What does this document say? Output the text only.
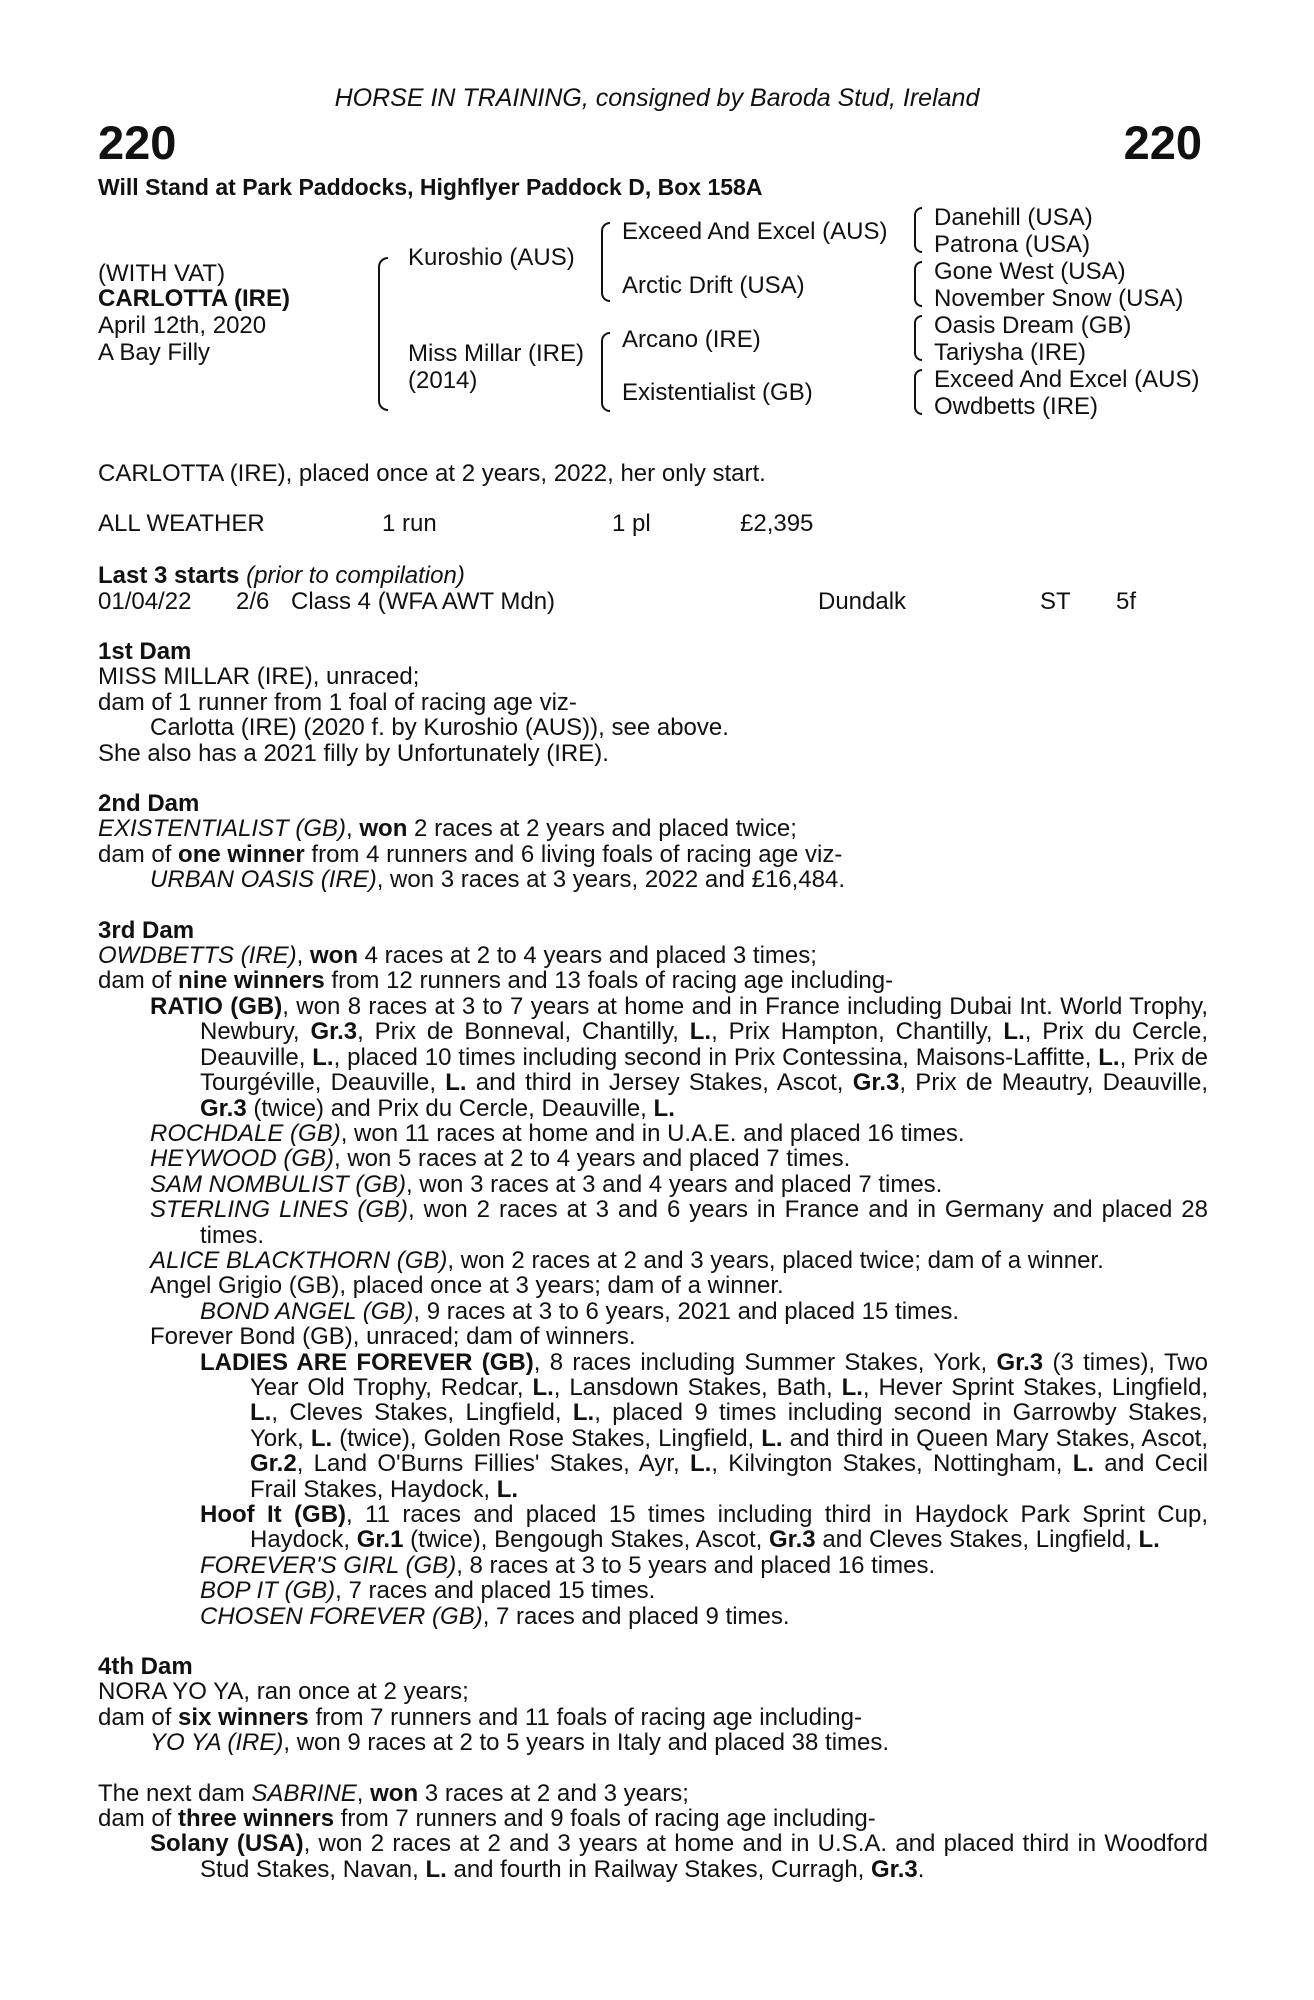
HORSE IN TRAINING, consigned by Baroda Stud, Ireland
220	220
Will Stand at Park Paddocks, Highflyer Paddock D, Box 158A
(WITH VAT)
CARLOTTA (IRE)
April 12th, 2020
A Bay Filly
Kuroshio (AUS)
Miss Millar (IRE)
(2014)
Exceed And Excel (AUS)
Arctic Drift (USA)
Arcano (IRE)
Existentialist (GB)
Danehill (USA)
Patrona (USA)
Gone West (USA)
November Snow (USA)
Oasis Dream (GB)
Tariysha (IRE)
Exceed And Excel (AUS)
Owdbetts (IRE)
CARLOTTA (IRE), placed once at 2 years, 2022, her only start.
ALL WEATHER	1 run	1 pl	£2,395
Last 3 starts (prior to compilation)
01/04/22 2/6 Class 4 (WFA AWT Mdn)	Dundalk	ST 5f

1st Dam

MISS MILLAR (IRE), unraced;

dam of 1 runner from 1 foal of racing age viz-

Carlotta (IRE) (2020 f. by Kuroshio (AUS)), see above.

She also has a 2021 filly by Unfortunately (IRE).

2nd Dam

EXISTENTIALIST (GB), won 2 races at 2 years and placed twice;

dam of one winner from 4 runners and 6 living foals of racing age viz-

URBAN OASIS (IRE), won 3 races at 3 years, 2022 and £16,484.

3rd Dam

OWDBETTS (IRE), won 4 races at 2 to 4 years and placed 3 times;

dam of nine winners from 12 runners and 13 foals of racing age including-

RATIO (GB), won 8 races at 3 to 7 years at home and in France including Dubai Int. World Trophy, Newbury, Gr.3, Prix de Bonneval, Chantilly, L., Prix Hampton, Chantilly, L., Prix du Cercle, Deauville, L., placed 10 times including second in Prix Contessina, Maisons-Laffitte, L., Prix de Tourgéville, Deauville, L. and third in Jersey Stakes, Ascot, Gr.3, Prix de Meautry, Deauville, Gr.3 (twice) and Prix du Cercle, Deauville, L.

ROCHDALE (GB), won 11 races at home and in U.A.E. and placed 16 times.

HEYWOOD (GB), won 5 races at 2 to 4 years and placed 7 times.

SAM NOMBULIST (GB), won 3 races at 3 and 4 years and placed 7 times.

STERLING LINES (GB), won 2 races at 3 and 6 years in France and in Germany and placed 28 times.

ALICE BLACKTHORN (GB), won 2 races at 2 and 3 years, placed twice; dam of a winner.

Angel Grigio (GB), placed once at 3 years; dam of a winner.

BOND ANGEL (GB), 9 races at 3 to 6 years, 2021 and placed 15 times.

Forever Bond (GB), unraced; dam of winners.

LADIES ARE FOREVER (GB), 8 races including Summer Stakes, York, Gr.3 (3 times), Two Year Old Trophy, Redcar, L., Lansdown Stakes, Bath, L., Hever Sprint Stakes, Lingfield, L., Cleves Stakes, Lingfield, L., placed 9 times including second in Garrowby Stakes, York, L. (twice), Golden Rose Stakes, Lingfield, L. and third in Queen Mary Stakes, Ascot, Gr.2, Land O'Burns Fillies' Stakes, Ayr, L., Kilvington Stakes, Nottingham, L. and Cecil Frail Stakes, Haydock, L.

Hoof It (GB), 11 races and placed 15 times including third in Haydock Park Sprint Cup, Haydock, Gr.1 (twice), Bengough Stakes, Ascot, Gr.3 and Cleves Stakes, Lingfield, L.

FOREVER'S GIRL (GB), 8 races at 3 to 5 years and placed 16 times.

BOP IT (GB), 7 races and placed 15 times.

CHOSEN FOREVER (GB), 7 races and placed 9 times.

4th Dam

NORA YO YA, ran once at 2 years;

dam of six winners from 7 runners and 11 foals of racing age including-

YO YA (IRE), won 9 races at 2 to 5 years in Italy and placed 38 times.

The next dam SABRINE, won 3 races at 2 and 3 years;

dam of three winners from 7 runners and 9 foals of racing age including-

Solany (USA), won 2 races at 2 and 3 years at home and in U.S.A. and placed third in Woodford Stud Stakes, Navan, L. and fourth in Railway Stakes, Curragh, Gr.3.
